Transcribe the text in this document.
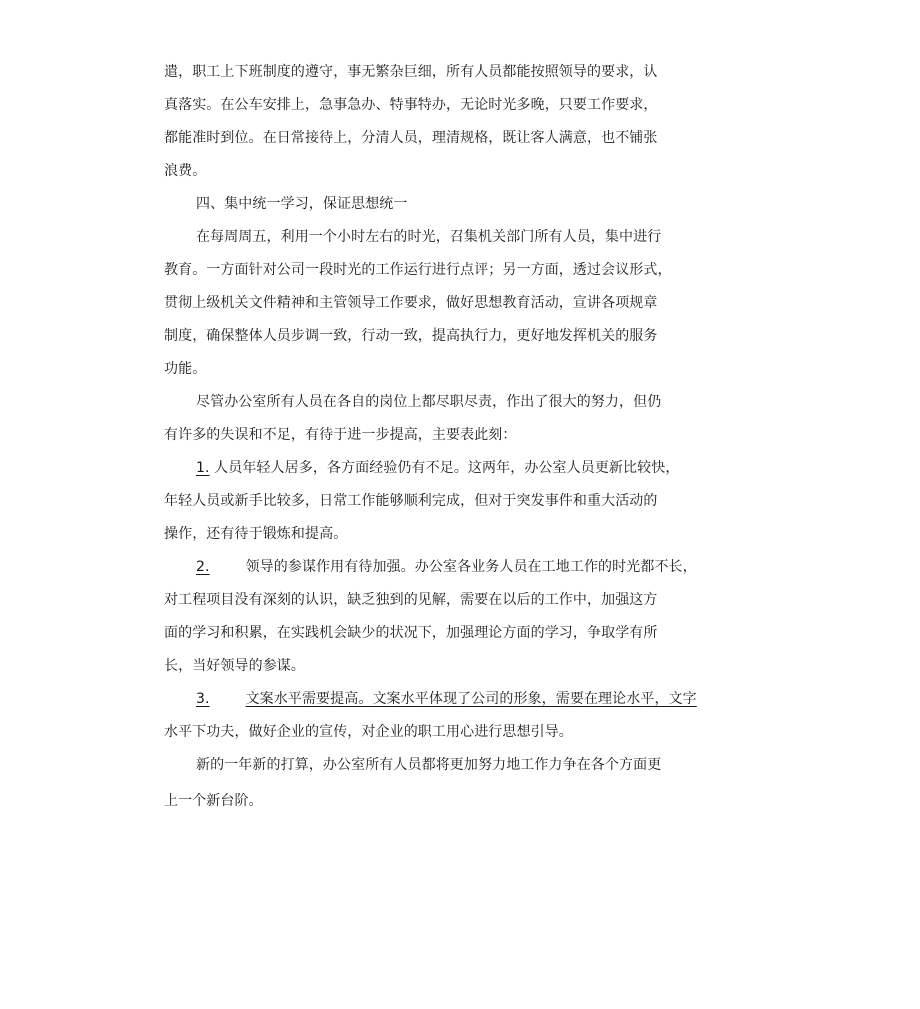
遣，职工上下班制度的遵守，事无繁杂巨细，所有人员都能按照领导的要求，认
真落实。在公车安排上，急事急办、特事特办，无论时光多晚，只要工作要求，
都能准时到位。在日常接待上，分清人员，理清规格，既让客人满意，也不铺张
浪费。
四、集中统一学习，保证思想统一
在每周周五，利用一个小时左右的时光，召集机关部门所有人员，集中进行
教育。一方面针对公司一段时光的工作运行进行点评；另一方面，透过会议形式，
贯彻上级机关文件精神和主管领导工作要求，做好思想教育活动，宣讲各项规章
制度，确保整体人员步调一致，行动一致，提高执行力，更好地发挥机关的服务
功能。
尽管办公室所有人员在各自的岗位上都尽职尽责，作出了很大的努力，但仍
有许多的失误和不足，有待于进一步提高，主要表此刻：
1. 人员年轻人居多，各方面经验仍有不足。这两年，办公室人员更新比较快，
年轻人员或新手比较多，日常工作能够顺利完成，但对于突发事件和重大活动的
操作，还有待于锻炼和提高。
2.	领导的参谋作用有待加强。办公室各业务人员在工地工作的时光都不长，
对工程项目没有深刻的认识，缺乏独到的见解，需要在以后的工作中，加强这方
面的学习和积累，在实践机会缺少的状况下，加强理论方面的学习，争取学有所
长，当好领导的参谋。
3.	文案水平需要提高。文案水平体现了公司的形象，需要在理论水平，文字
水平下功夫，做好企业的宣传，对企业的职工用心进行思想引导。
新的一年新的打算，办公室所有人员都将更加努力地工作力争在各个方面更
上一个新台阶。
